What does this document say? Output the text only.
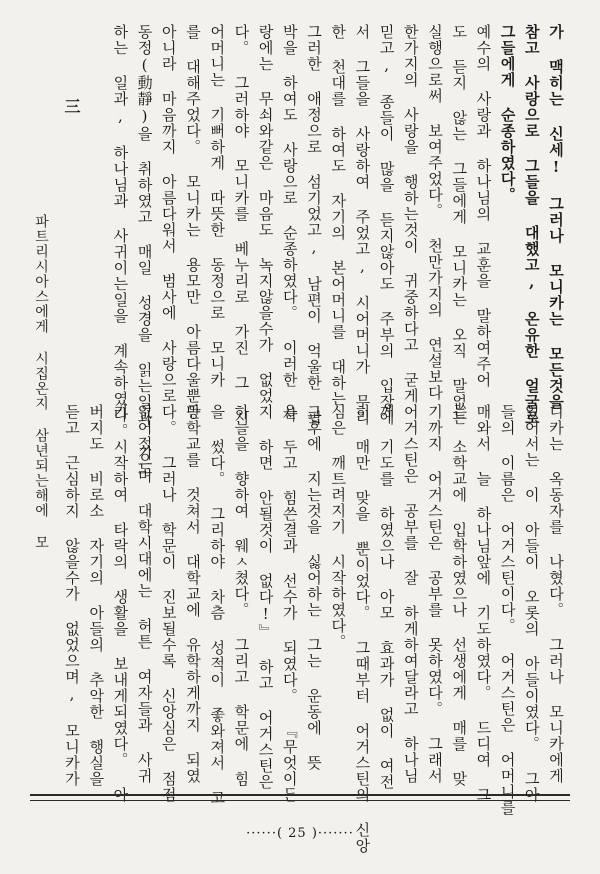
가 맥히는 신세! 그러나 모니카는 모든것을
참고 사랑으로 그들을 대했고, 온유한 얼굴로
그들에게 순종하였다。
예수의 사랑과 하나님의 교훈을 말하여주어
도 듣지 않는 그들에게 모니카는 오직 말없는
실행으로써 보여주었다。 천만가지의 연설보다
한가지의 사랑을 행하는것이 귀중하다고 굳게
믿고, 종들이 많을 듣지않아도 주부의 입장에
서 그들을 사랑하여 주었고, 시어머니가 무리
한 천대를 하여도 자기의 본어머니를 대하는
그러한 애정으로 섬기었고, 남편이 억울한 핍
박을 하여도 사랑으로 순종하였다。 이러한 사
랑에는 무쇠와같은 마음도 녹지않을수가 없었
다。 그러하야 모니카를 베누리로 가진 그 시
어머니는 기뻐하게 따뜻한 동정으로 모니카
를 대해주었다。 모니카는 용모만 아름다울뿐만
아니라 마음까지 아름다워서 범사에 사랑으로
동정(動靜)을 취하였고 매일 성경을 읽는일과 기도
하는 일과, 하나님과 사귀이는일을 계속하였다。
니카는 옥동자를 나혔다。 그러나 모니카에게
있어서는 이 아들이 오롯의 아들이였다。 그아
들의 이름은 어거스틴이다。 어거스틴은 어머니를
매와서 늘 하나님앞에 기도하였다。 드디여 그
는 소학교에 입학하였으나 선생에게 매를 맞
기까지 어거스틴은 공부를 못하였다。 그래서
어거스틴은 공부를 잘 하게하여달라고 하나님
께 기도를 하였으나 아모 효과가 없이 여전
히 매만 맞을 뿐이었다。 그때부터 어거스틴의 신앙
심은 깨트려지기 시작하였다。
그후에 지는것을 싫어하는 그는 운동에 뜻
을 두고 힘쓴결과 선수가 되였다。 『무엇이든
지 하면 안될것이 없다!』 하고 어거스틴은
하늘을 향하여 웨ㅅ쳤다。 그리고 학문에 힘
을 썼다。 그리하야 차츰 성적이 좋와져서 고
등학교를 것쳐서 대학교에 유학하게까지 되였
다。 그러나 학문이 진보될수록 신앙심은 점점
없어젔으며 대학시대에는 허튼 여자들과 사귀
기 시작하여 타락의 생활을 보내게되였다。 아
버지도 비로소 자기의 아들의 추악한 행실을
듣고 근심하지 않을수가 없었으며, 모니카가
三
파트리시아스에게 시집온지 삼년되는해에 모
······( 25 )·······
